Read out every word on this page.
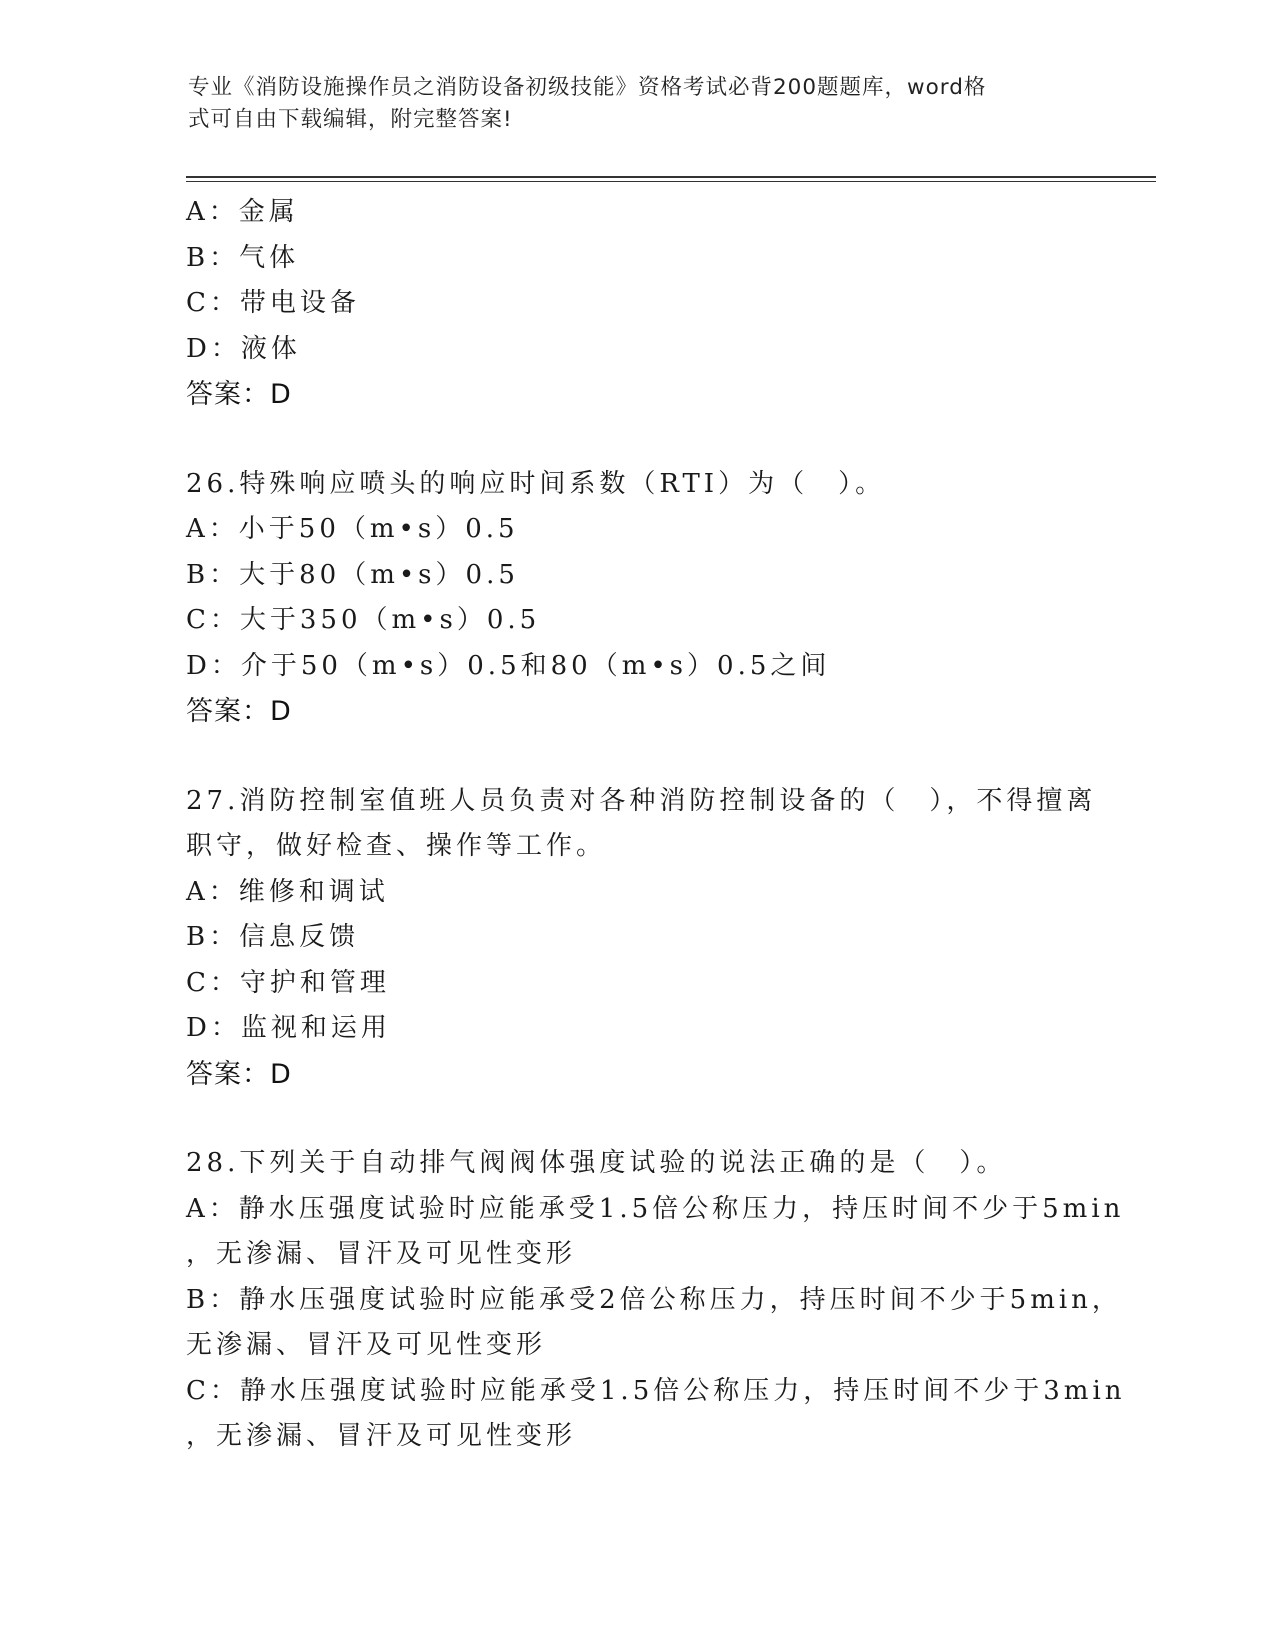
专业《消防设施操作员之消防设备初级技能》资格考试必背200题题库，word格
式可自由下载编辑，附完整答案!
A：金属
B：气体
C：带电设备
D：液体
答案：D
26.特殊响应喷头的响应时间系数（RTI）为（　）。
A：小于50（m•s）0.5
B：大于80（m•s）0.5
C：大于350（m•s）0.5
D：介于50（m•s）0.5和80（m•s）0.5之间
答案：D
27.消防控制室值班人员负责对各种消防控制设备的（　），不得擅离
职守，做好检查、操作等工作。
A：维修和调试
B：信息反馈
C：守护和管理
D：监视和运用
答案：D
28.下列关于自动排气阀阀体强度试验的说法正确的是（　）。
A：静水压强度试验时应能承受1.5倍公称压力，持压时间不少于5min
，无渗漏、冒汗及可见性变形
B：静水压强度试验时应能承受2倍公称压力，持压时间不少于5min，
无渗漏、冒汗及可见性变形
C：静水压强度试验时应能承受1.5倍公称压力，持压时间不少于3min
，无渗漏、冒汗及可见性变形
